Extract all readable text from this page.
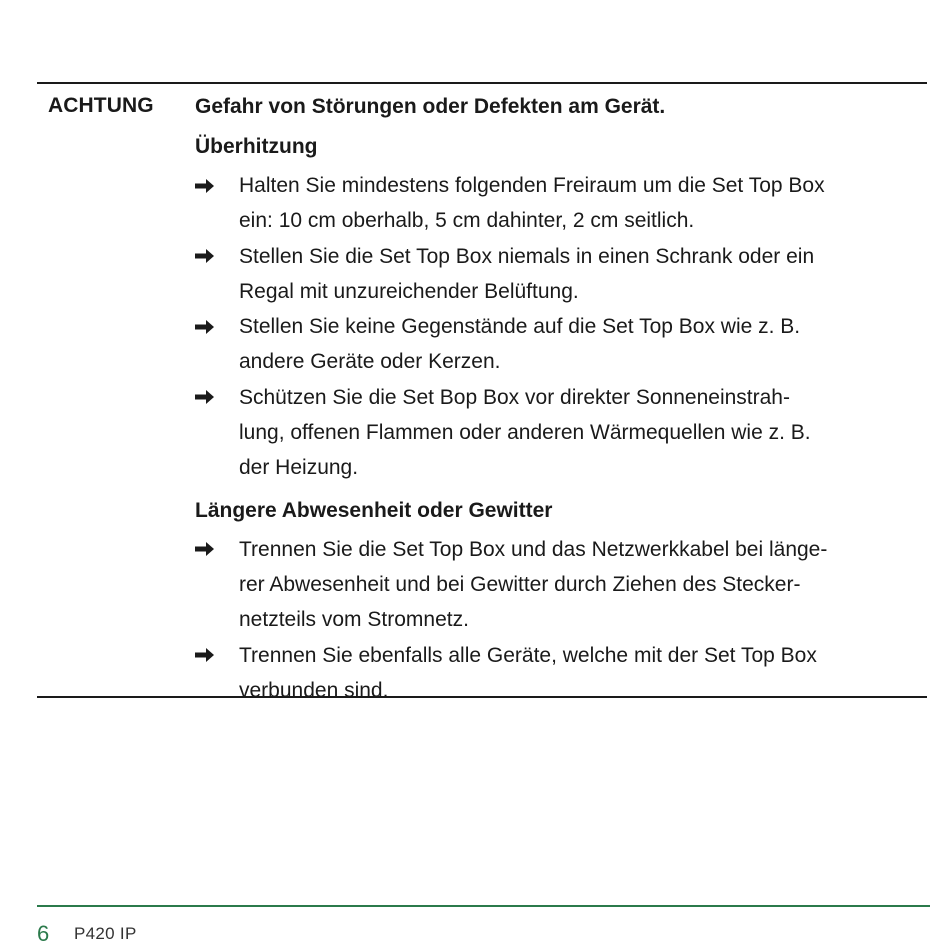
ACHTUNG Gefahr von Störungen oder Defekten am Gerät.
Überhitzung
Halten Sie mindestens folgenden Freiraum um die Set Top Box
ein: 10 cm oberhalb, 5 cm dahinter, 2 cm seitlich.
Stellen Sie die Set Top Box niemals in einen Schrank oder ein
Regal mit unzureichender Belüftung.
Stellen Sie keine Gegenstände auf die Set Top Box wie z. B.
andere Geräte oder Kerzen.
Schützen Sie die Set Bop Box vor direkter Sonneneinstrah-
lung, offenen Flammen oder anderen Wärmequellen wie z. B.
der Heizung.
Längere Abwesenheit oder Gewitter
Trennen Sie die Set Top Box und das Netzwerkkabel bei länge-
rer Abwesenheit und bei Gewitter durch Ziehen des Stecker-
netzteils vom Stromnetz.
Trennen Sie ebenfalls alle Geräte, welche mit der Set Top Box
verbunden sind.
6 P420 IP
